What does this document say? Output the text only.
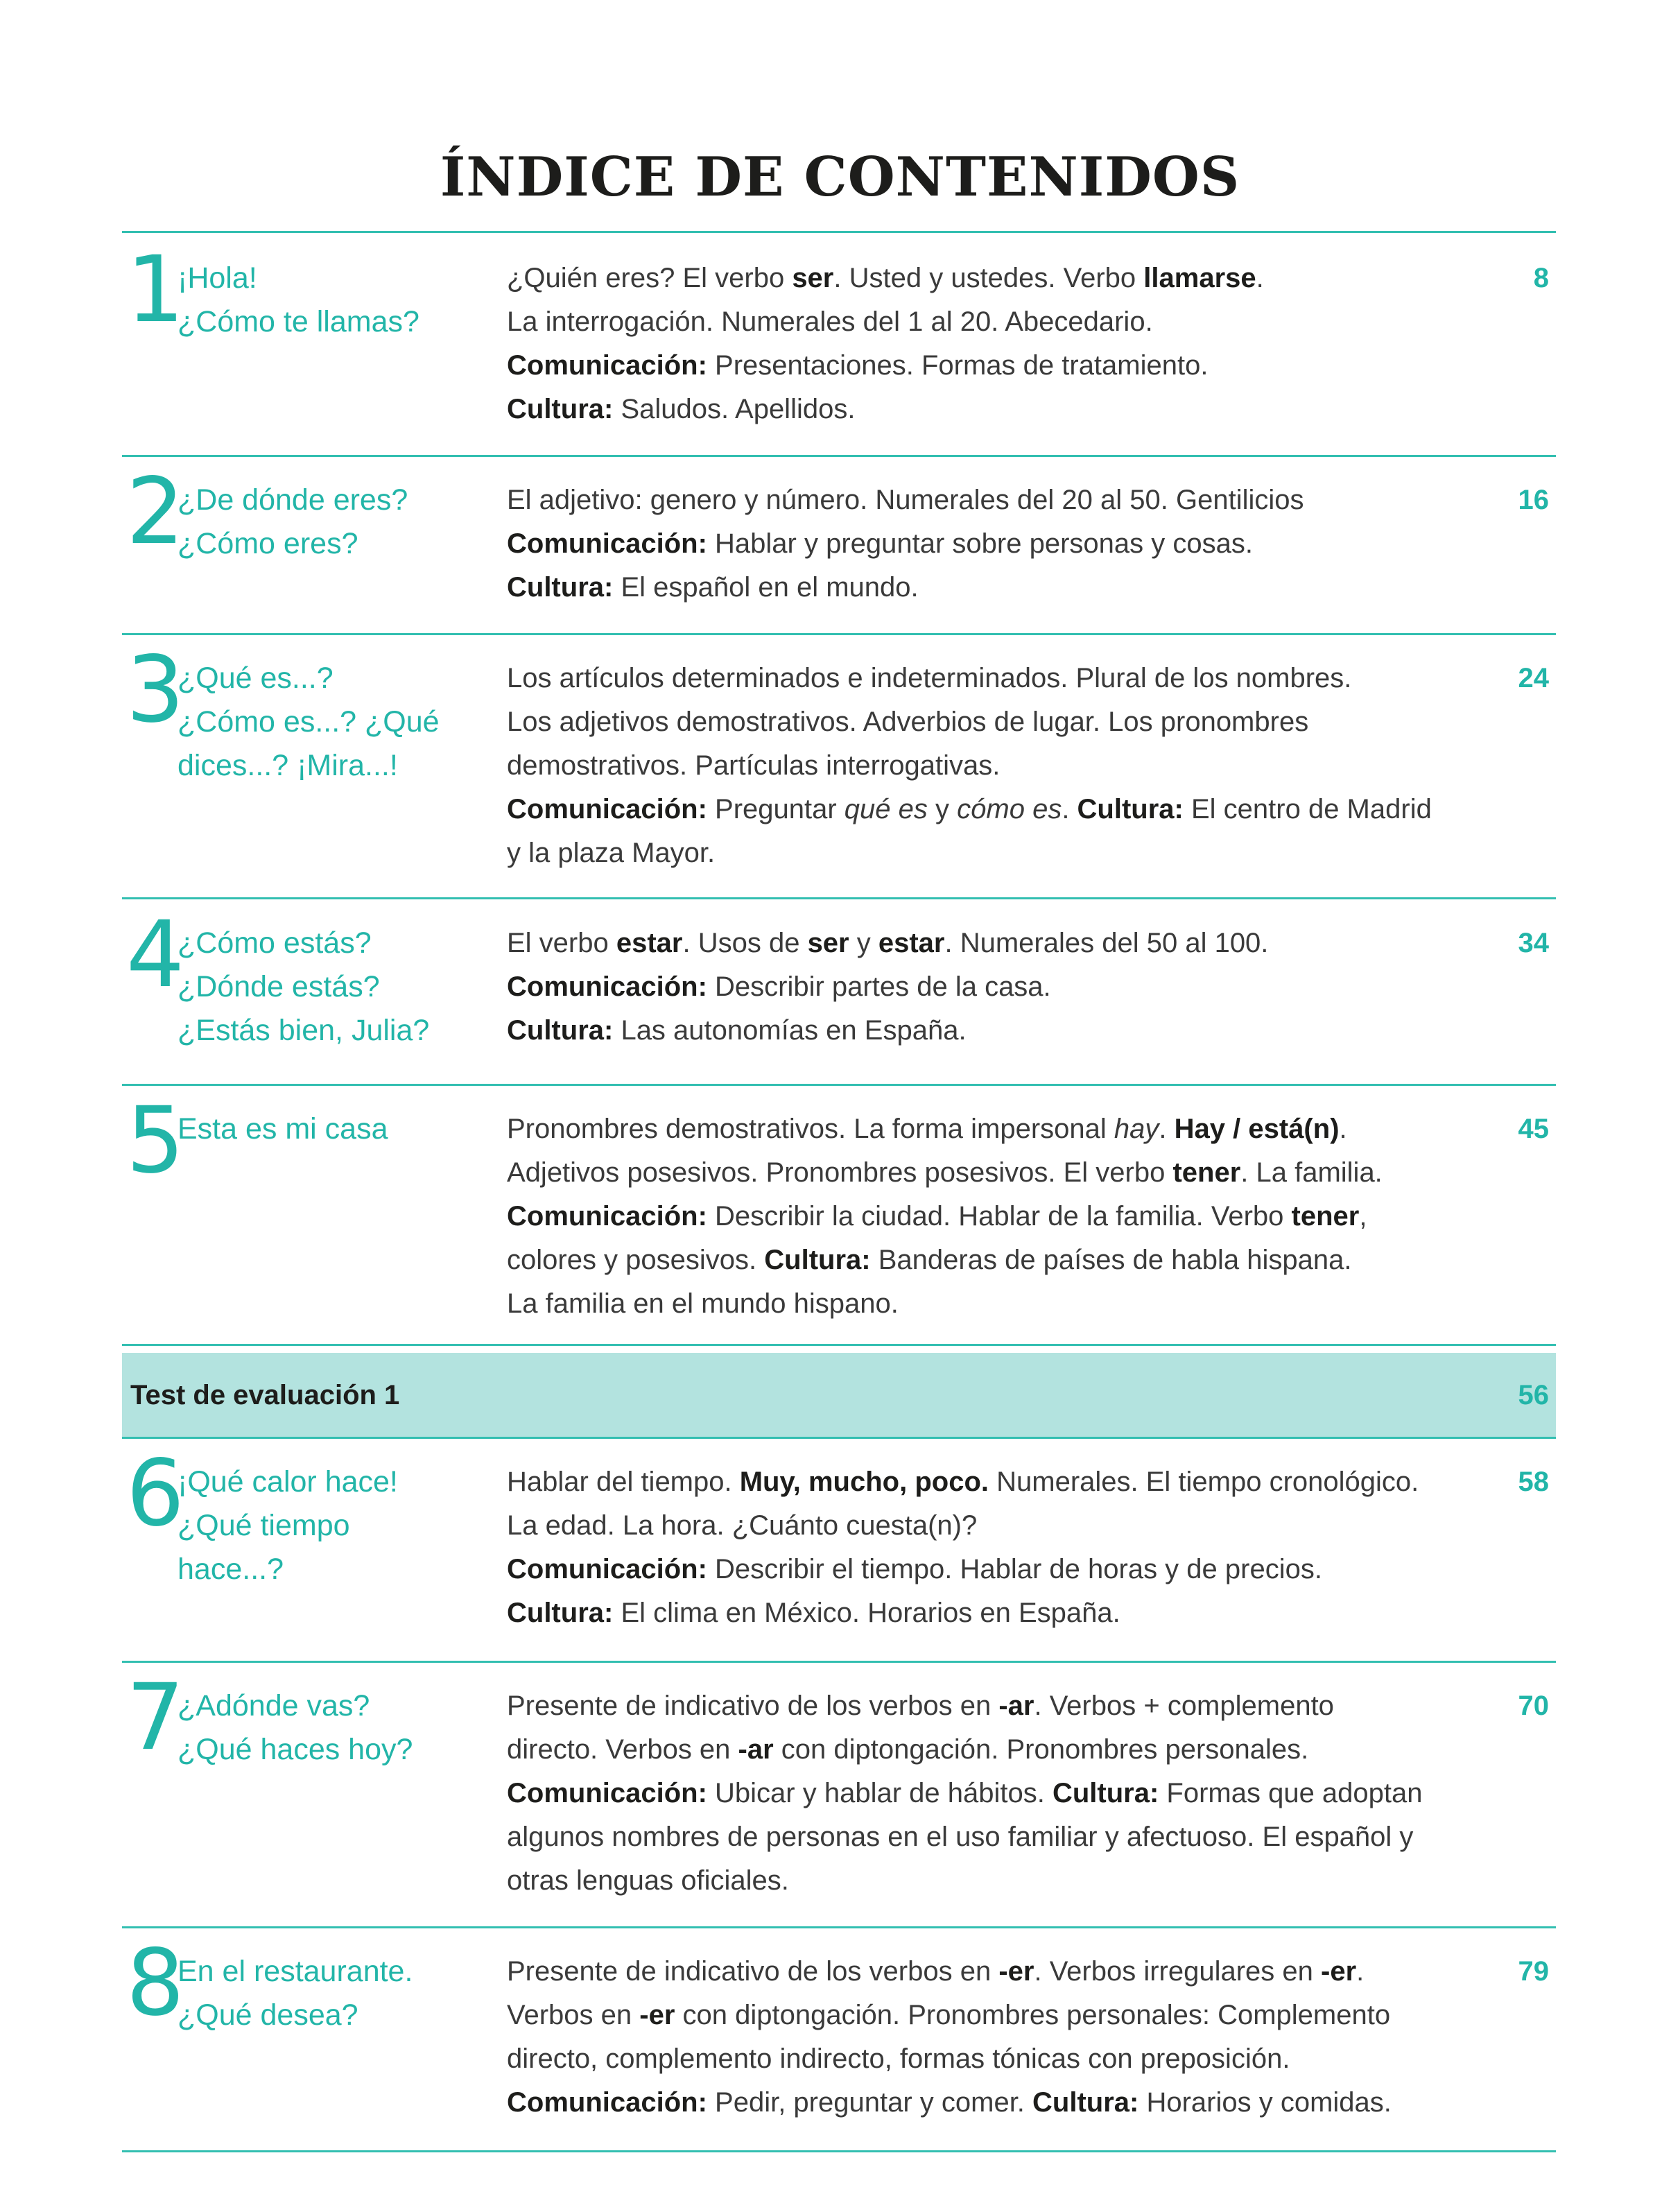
ÍNDICE DE CONTENIDOS
1
¡Hola!
¿Cómo te llamas?
¿Quién eres? El verbo ser. Usted y ustedes. Verbo llamarse.
La interrogación. Numerales del 1 al 20. Abecedario.
Comunicación: Presentaciones. Formas de tratamiento.
Cultura: Saludos. Apellidos.
8
2
¿De dónde eres?
¿Cómo eres?
El adjetivo: genero y número. Numerales del 20 al 50. Gentilicios
Comunicación: Hablar y preguntar sobre personas y cosas.
Cultura: El español en el mundo.
16
3
¿Qué es...?
¿Cómo es...? ¿Qué
dices...? ¡Mira...!
Los artículos determinados e indeterminados. Plural de los nombres.
Los adjetivos demostrativos. Adverbios de lugar. Los pronombres
demostrativos. Partículas interrogativas.
Comunicación: Preguntar qué es y cómo es. Cultura: El centro de Madrid
y la plaza Mayor.
24
4
¿Cómo estás?
¿Dónde estás?
¿Estás bien, Julia?
El verbo estar. Usos de ser y estar. Numerales del 50 al 100.
Comunicación: Describir partes de la casa.
Cultura: Las autonomías en España.
34
5
Esta es mi casa	Pronombres demostrativos. La forma impersonal hay. Hay / está(n).
Adjetivos posesivos. Pronombres posesivos. El verbo tener. La familia.
Comunicación: Describir la ciudad. Hablar de la familia. Verbo tener,
colores y posesivos. Cultura: Banderas de países de habla hispana.
La familia en el mundo hispano.
45
Test de evaluación 1	56
6
¡Qué calor hace!
¿Qué tiempo
hace...?
Hablar del tiempo. Muy, mucho, poco. Numerales. El tiempo cronológico.
La edad. La hora. ¿Cuánto cuesta(n)?
Comunicación: Describir el tiempo. Hablar de horas y de precios.
Cultura: El clima en México. Horarios en España.
58
7
¿Adónde vas?
¿Qué haces hoy?
Presente de indicativo de los verbos en -ar. Verbos + complemento
directo. Verbos en -ar con diptongación. Pronombres personales.
Comunicación: Ubicar y hablar de hábitos. Cultura: Formas que adoptan
algunos nombres de personas en el uso familiar y afectuoso. El español y
otras lenguas oficiales.
70
8
En el restaurante.
¿Qué desea?
Presente de indicativo de los verbos en -er. Verbos irregulares en -er.
Verbos en -er con diptongación. Pronombres personales: Complemento
directo, complemento indirecto, formas tónicas con preposición.
Comunicación: Pedir, preguntar y comer. Cultura: Horarios y comidas.
79
